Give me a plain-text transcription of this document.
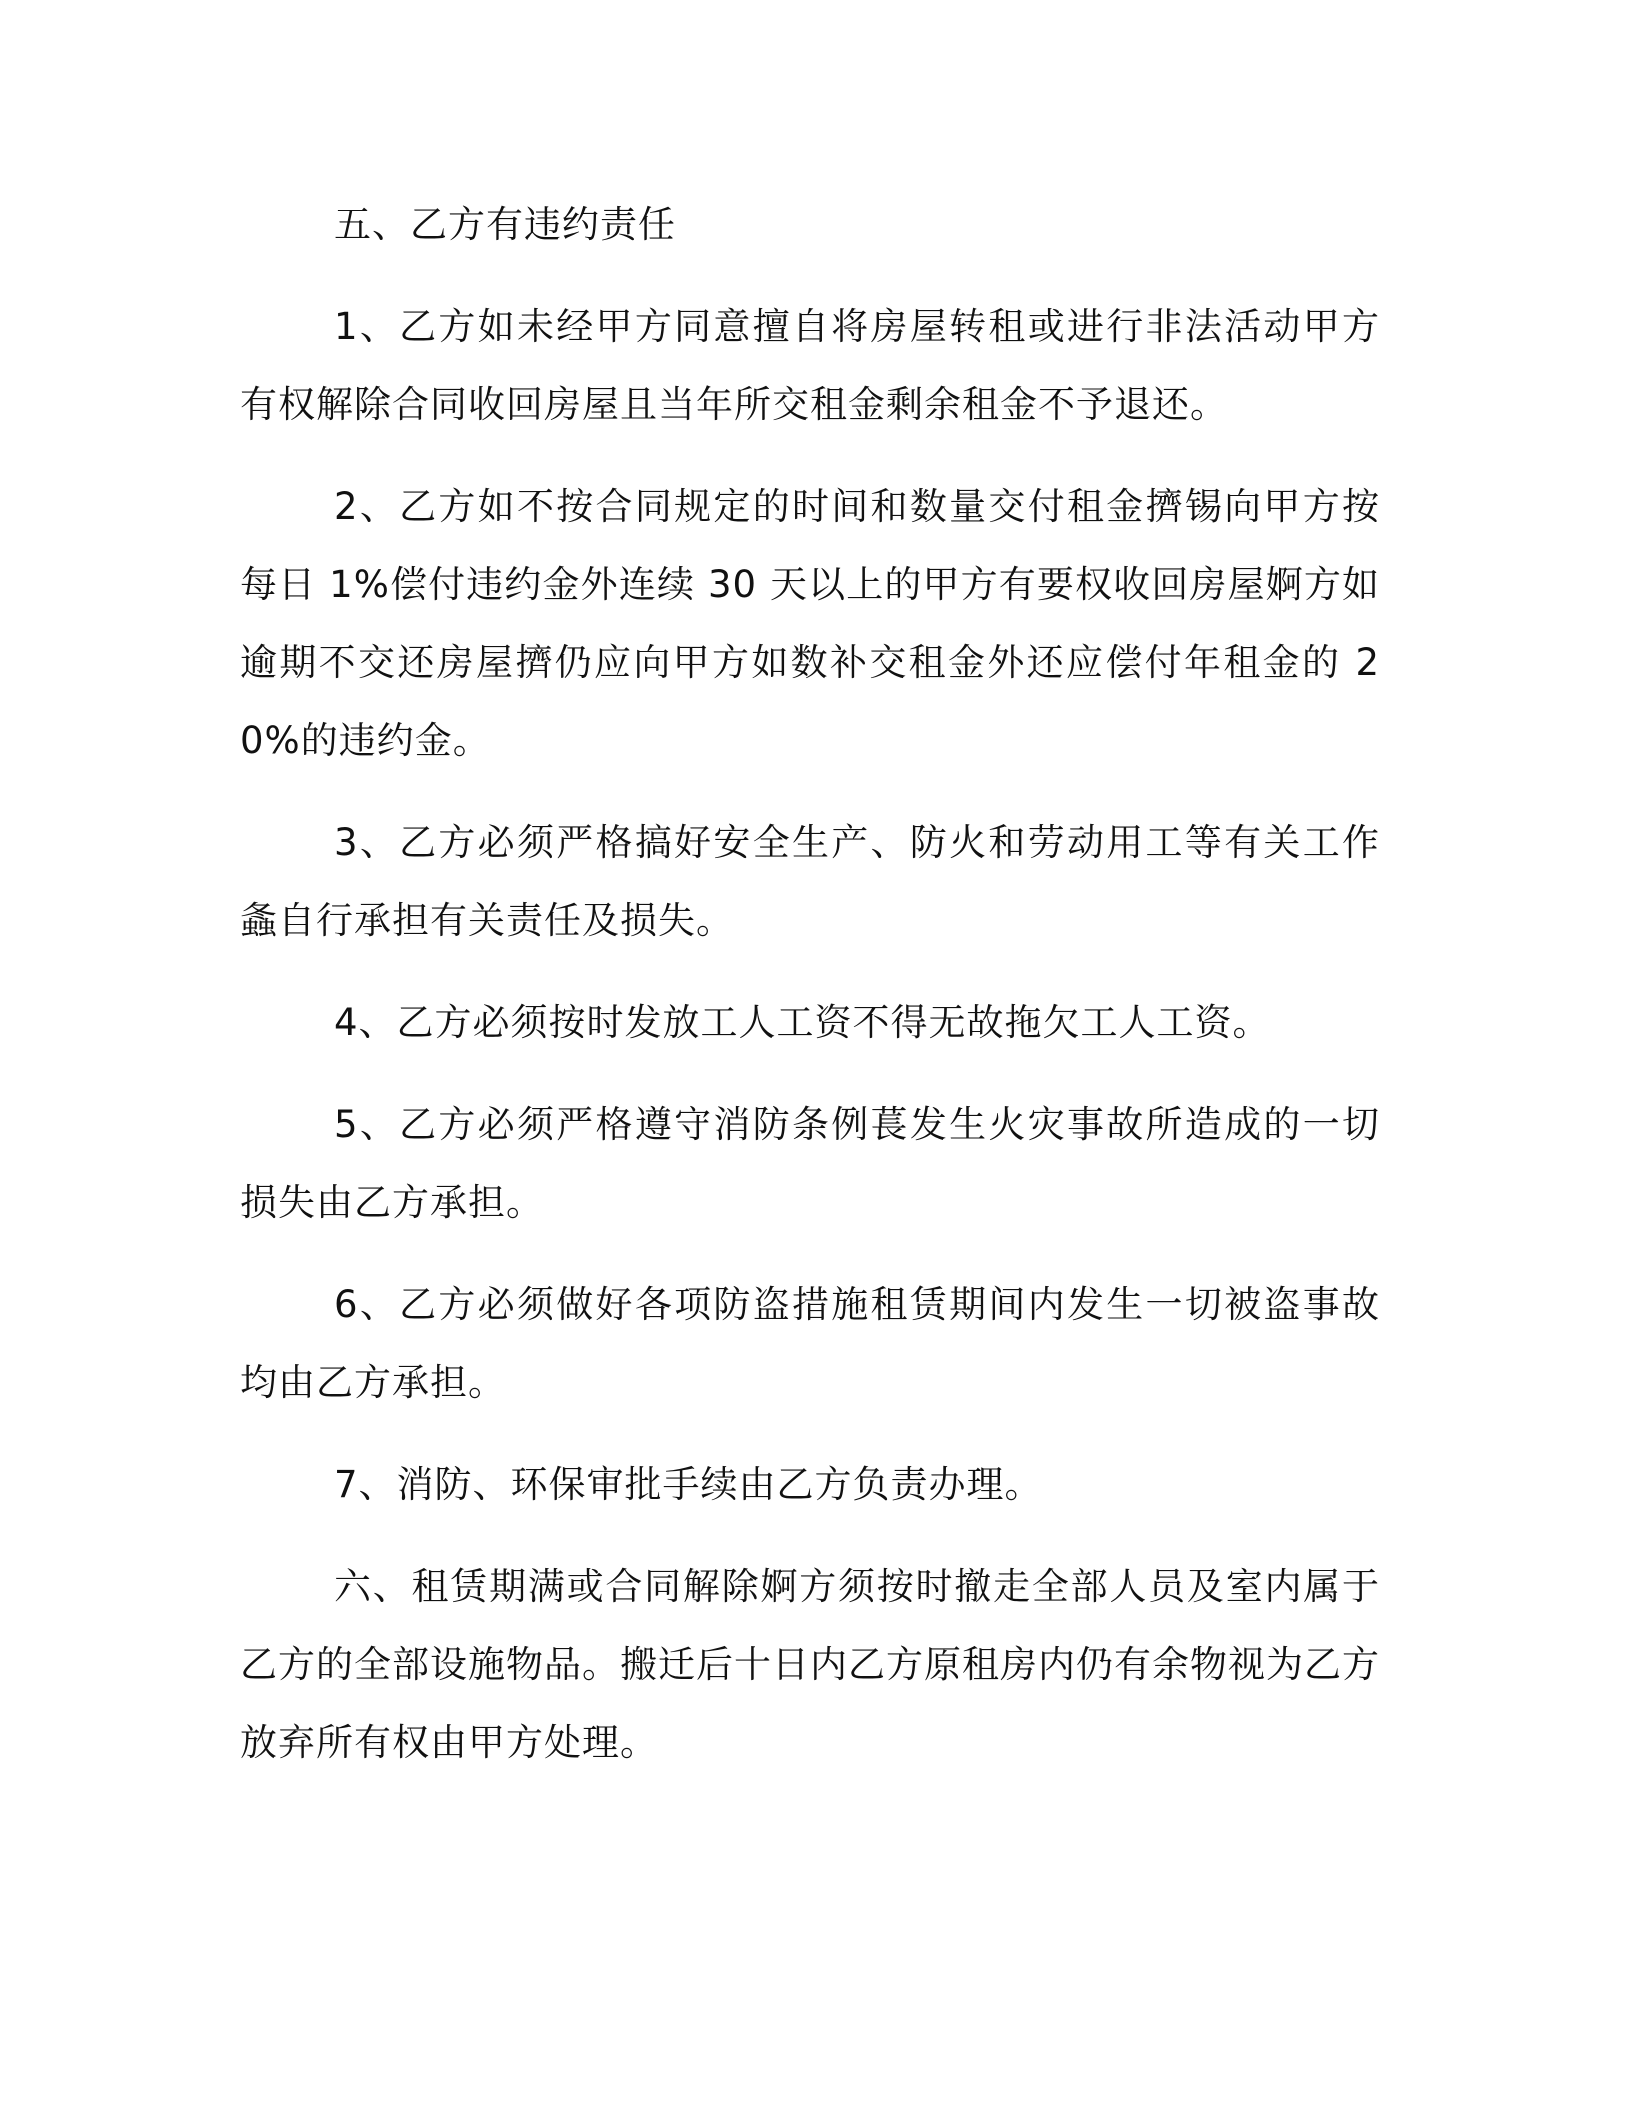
五、乙方有违约责任

1、乙方如未经甲方同意擅自将房屋转租或进行非法活动甲方有权解除合同收回房屋且当年所交租金剩余租金不予退还。

2、乙方如不按合同规定的时间和数量交付租金擠锡向甲方按每日 1%偿付违约金外连续 30 天以上的甲方有要权收回房屋婀方如逾期不交还房屋擠仍应向甲方如数补交租金外还应偿付年租金的 20%的违约金。

3、乙方必须严格搞好安全生产、防火和劳动用工等有关工作螽自行承担有关责任及损失。

4、乙方必须按时发放工人工资不得无故拖欠工人工资。

5、乙方必须严格遵守消防条例萇发生火灾事故所造成的一切损失由乙方承担。

6、乙方必须做好各项防盗措施租赁期间内发生一切被盗事故均由乙方承担。

7、消防、环保审批手续由乙方负责办理。

六、租赁期满或合同解除婀方须按时撤走全部人员及室内属于乙方的全部设施物品。搬迁后十日内乙方原租房内仍有余物视为乙方放弃所有权由甲方处理。
